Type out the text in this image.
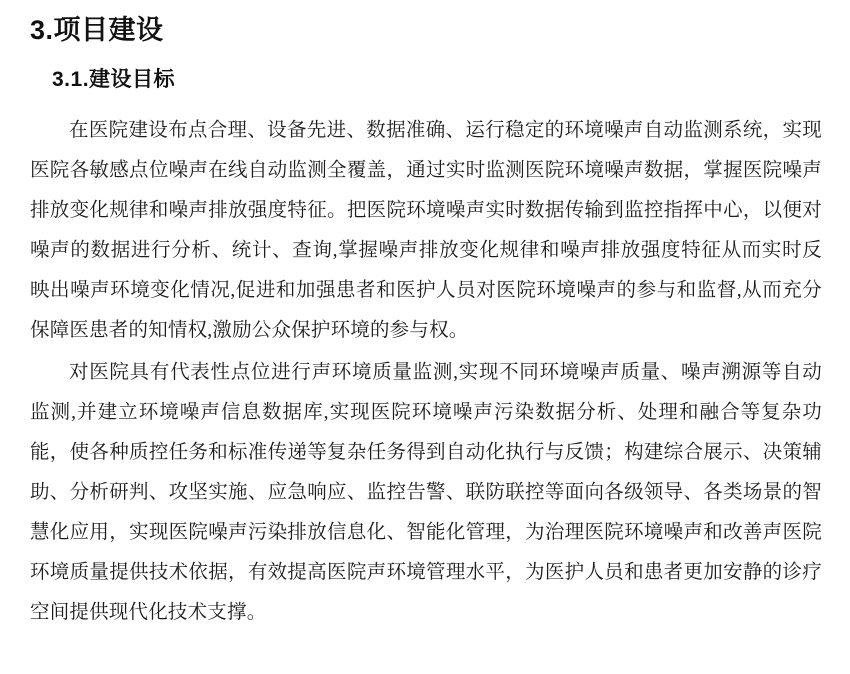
3.项目建设
3.1.建设目标

在医院建设布点合理、设备先进、数据准确、运行稳定的环境噪声自动监测系统，实现医院各敏感点位噪声在线自动监测全覆盖，通过实时监测医院环境噪声数据，掌握医院噪声排放变化规律和噪声排放强度特征。把医院环境噪声实时数据传输到监控指挥中心，以便对噪声的数据进行分析、统计、查询,掌握噪声排放变化规律和噪声排放强度特征从而实时反映出噪声环境变化情况,促进和加强患者和医护人员对医院环境噪声的参与和监督,从而充分保障医患者的知情权,激励公众保护环境的参与权。

对医院具有代表性点位进行声环境质量监测,实现不同环境噪声质量、噪声溯源等自动监测,并建立环境噪声信息数据库,实现医院环境噪声污染数据分析、处理和融合等复杂功能，使各种质控任务和标准传递等复杂任务得到自动化执行与反馈；构建综合展示、决策辅助、分析研判、攻坚实施、应急响应、监控告警、联防联控等面向各级领导、各类场景的智慧化应用，实现医院噪声污染排放信息化、智能化管理，为治理医院环境噪声和改善声医院环境质量提供技术依据，有效提高医院声环境管理水平，为医护人员和患者更加安静的诊疗空间提供现代化技术支撑。
